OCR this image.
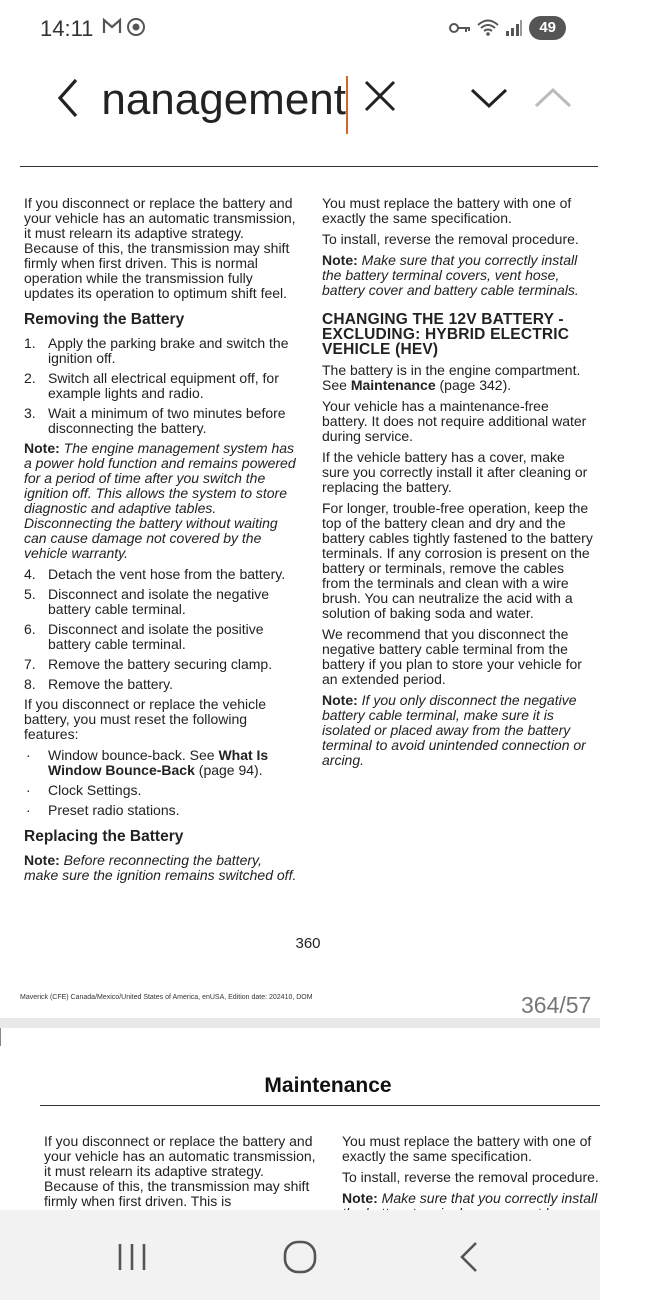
14:11	49
nanagement

If you disconnect or replace the battery and your vehicle has an automatic transmission, it must relearn its adaptive strategy. Because of this, the transmission may shift firmly when first driven. This is normal operation while the transmission fully updates its operation to optimum shift feel.

Removing the Battery
1. Apply the parking brake and switch the ignition off.
2. Switch all electrical equipment off, for example lights and radio.
3. Wait a minimum of two minutes before disconnecting the battery.

Note: The engine management system has a power hold function and remains powered for a period of time after you switch the ignition off. This allows the system to store diagnostic and adaptive tables. Disconnecting the battery without waiting can cause damage not covered by the vehicle warranty.

4. Detach the vent hose from the battery.
5. Disconnect and isolate the negative battery cable terminal.
6. Disconnect and isolate the positive battery cable terminal.
7. Remove the battery securing clamp.
8. Remove the battery.

If you disconnect or replace the vehicle battery, you must reset the following features:

· Window bounce-back. See What Is Window Bounce-Back (page 94).
· Clock Settings.
· Preset radio stations.
Replacing the Battery

Note: Before reconnecting the battery, make sure the ignition remains switched off.

You must replace the battery with one of exactly the same specification.

To install, reverse the removal procedure.

Note: Make sure that you correctly install the battery terminal covers, vent hose, battery cover and battery cable terminals.

CHANGING THE 12V BATTERY - EXCLUDING: HYBRID ELECTRIC VEHICLE (HEV)

The battery is in the engine compartment. See Maintenance (page 342).

Your vehicle has a maintenance-free battery. It does not require additional water during service.

If the vehicle battery has a cover, make sure you correctly install it after cleaning or replacing the battery.

For longer, trouble-free operation, keep the top of the battery clean and dry and the battery cables tightly fastened to the battery terminals. If any corrosion is present on the battery or terminals, remove the cables from the terminals and clean with a wire brush. You can neutralize the acid with a solution of baking soda and water.

We recommend that you disconnect the negative battery cable terminal from the battery if you plan to store your vehicle for an extended period.

Note: If you only disconnect the negative battery cable terminal, make sure it is isolated or placed away from the battery terminal to avoid unintended connection or arcing.

360
Maverick (CFE) Canada/Mexico/United States of America, enUSA, Edition date: 202410, DOM	364/57
Maintenance

If you disconnect or replace the battery and your vehicle has an automatic transmission, it must relearn its adaptive strategy. Because of this, the transmission may shift firmly when first driven. This is

You must replace the battery with one of exactly the same specification.

To install, reverse the removal procedure.

Note: Make sure that you correctly install
